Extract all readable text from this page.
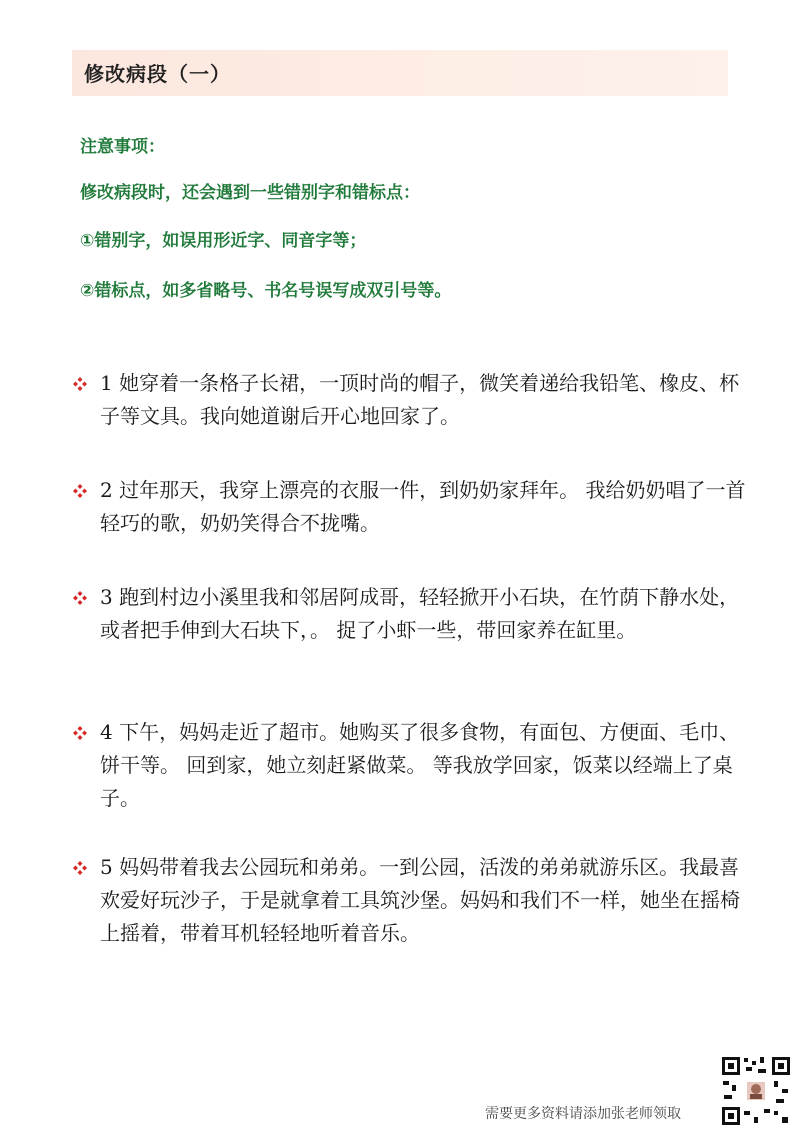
修改病段（一）
注意事项：
修改病段时，还会遇到一些错别字和错标点：
①错别字，如误用形近字、同音字等；
②错标点，如多省略号、书名号误写成双引号等。
1 她穿着一条格子长裙，一顶时尚的帽子，微笑着递给我铅笔、橡皮、杯子等文具。我向她道谢后开心地回家了。
2 过年那天，我穿上漂亮的衣服一件，到奶奶家拜年。 我给奶奶唱了一首轻巧的歌，奶奶笑得合不拢嘴。
3 跑到村边小溪里我和邻居阿成哥，轻轻掀开小石块，在竹荫下静水处，或者把手伸到大石块下，。 捉了小虾一些，带回家养在缸里。
4 下午，妈妈走近了超市。她购买了很多食物，有面包、方便面、毛巾、饼干等。 回到家，她立刻赶紧做菜。 等我放学回家，饭菜以经端上了桌子。
5 妈妈带着我去公园玩和弟弟。一到公园，活泼的弟弟就游乐区。我最喜欢爱好玩沙子，于是就拿着工具筑沙堡。妈妈和我们不一样，她坐在摇椅上摇着，带着耳机轻轻地听着音乐。
需要更多资料请添加张老师领取
